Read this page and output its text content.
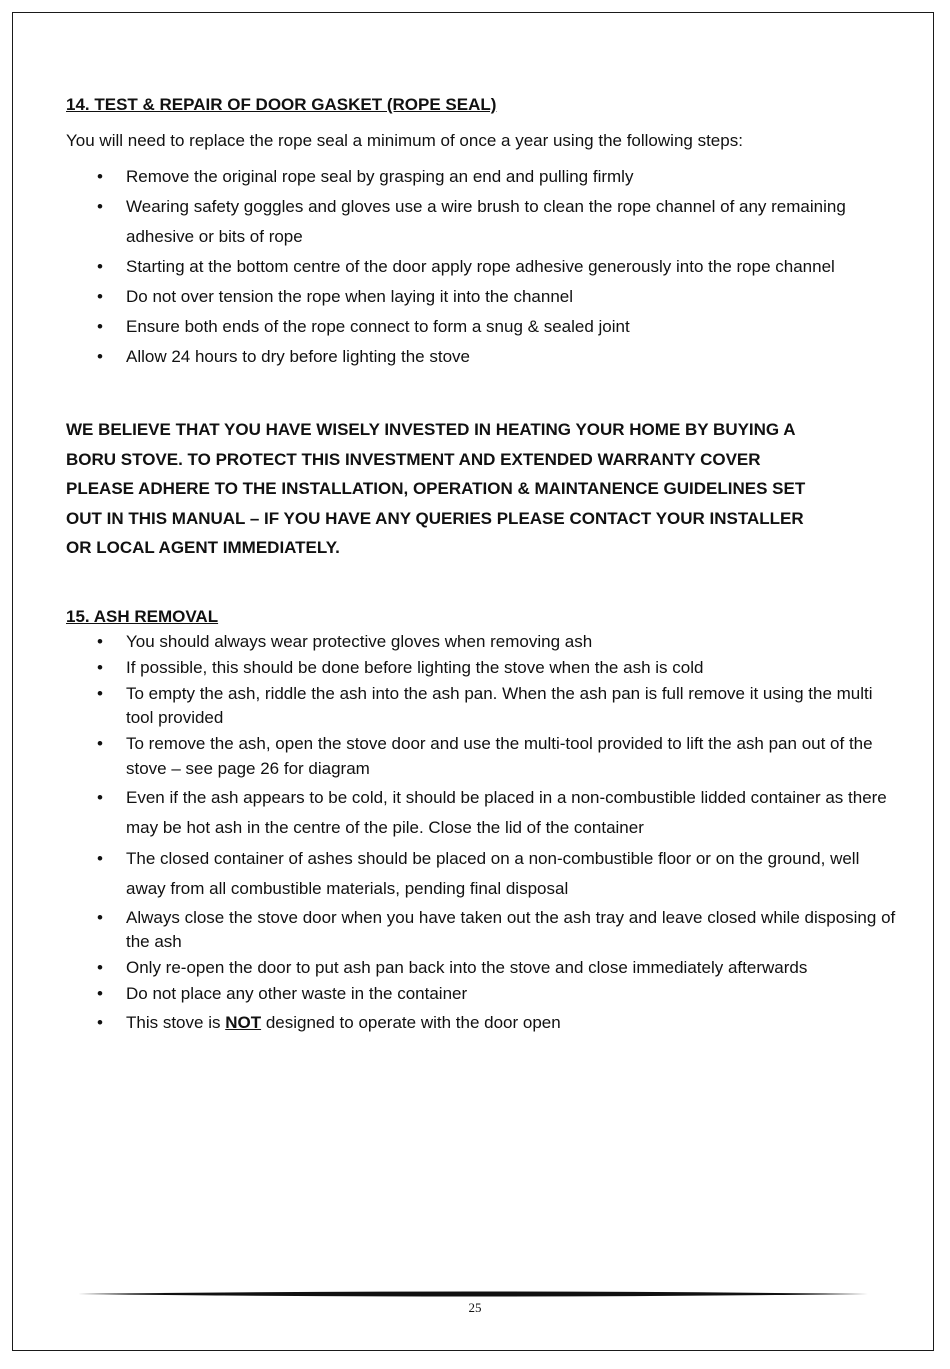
14. TEST & REPAIR OF DOOR GASKET (ROPE SEAL)

You will need to replace the rope seal a minimum of once a year using the following steps:

• Remove the original rope seal by grasping an end and pulling firmly
• Wearing safety goggles and gloves use a wire brush to clean the rope channel of any remaining adhesive or bits of rope
• Starting at the bottom centre of the door apply rope adhesive generously into the rope channel
• Do not over tension the rope when laying it into the channel
• Ensure both ends of the rope connect to form a snug & sealed joint
• Allow 24 hours to dry before lighting the stove

WE BELIEVE THAT YOU HAVE WISELY INVESTED IN HEATING YOUR HOME BY BUYING A BORU STOVE. TO PROTECT THIS INVESTMENT AND EXTENDED WARRANTY COVER PLEASE ADHERE TO THE INSTALLATION, OPERATION & MAINTANENCE GUIDELINES SET OUT IN THIS MANUAL – IF YOU HAVE ANY QUERIES PLEASE CONTACT YOUR INSTALLER OR LOCAL AGENT IMMEDIATELY.

15. ASH REMOVAL
• You should always wear protective gloves when removing ash
• If possible, this should be done before lighting the stove when the ash is cold
• To empty the ash, riddle the ash into the ash pan. When the ash pan is full remove it using the multi tool provided
• To remove the ash, open the stove door and use the multi-tool provided to lift the ash pan out of the stove – see page 26 for diagram
• Even if the ash appears to be cold, it should be placed in a non-combustible lidded container as there may be hot ash in the centre of the pile. Close the lid of the container
• The closed container of ashes should be placed on a non-combustible floor or on the ground, well away from all combustible materials, pending final disposal
• Always close the stove door when you have taken out the ash tray and leave closed while disposing of the ash
• Only re-open the door to put ash pan back into the stove and close immediately afterwards
• Do not place any other waste in the container
• This stove is NOT designed to operate with the door open
25
